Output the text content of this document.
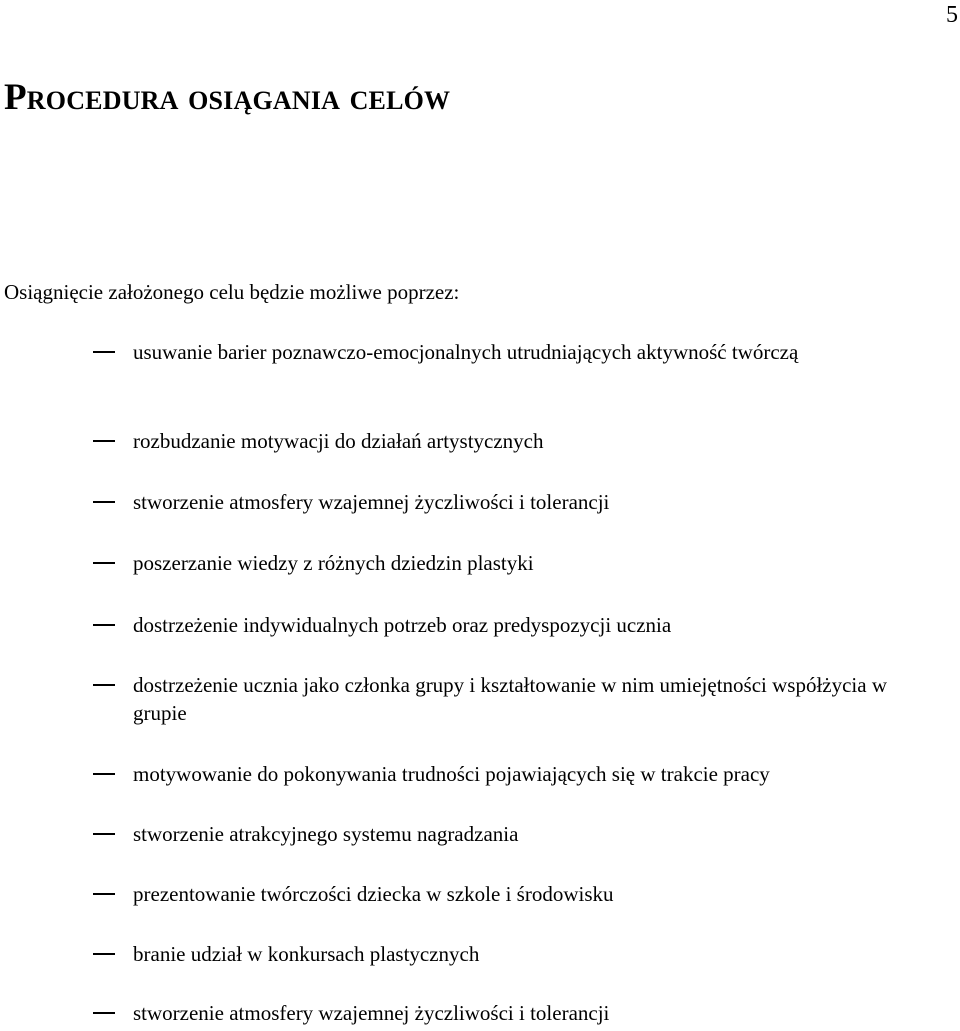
5
Procedura osiągania celów

Osiągnięcie założonego celu będzie możliwe poprzez:

usuwanie barier poznawczo-emocjonalnych utrudniających aktywność twórczą

rozbudzanie motywacji do działań artystycznych

stworzenie atmosfery wzajemnej życzliwości i tolerancji

poszerzanie wiedzy z różnych dziedzin plastyki

dostrzeżenie indywidualnych potrzeb oraz predyspozycji ucznia

dostrzeżenie ucznia jako członka grupy i kształtowanie w nim umiejętności współżycia w grupie

motywowanie do pokonywania trudności pojawiających się w trakcie pracy

stworzenie atrakcyjnego systemu nagradzania

prezentowanie twórczości dziecka w szkole i środowisku

branie udział w konkursach plastycznych

stworzenie atmosfery wzajemnej życzliwości i tolerancji
